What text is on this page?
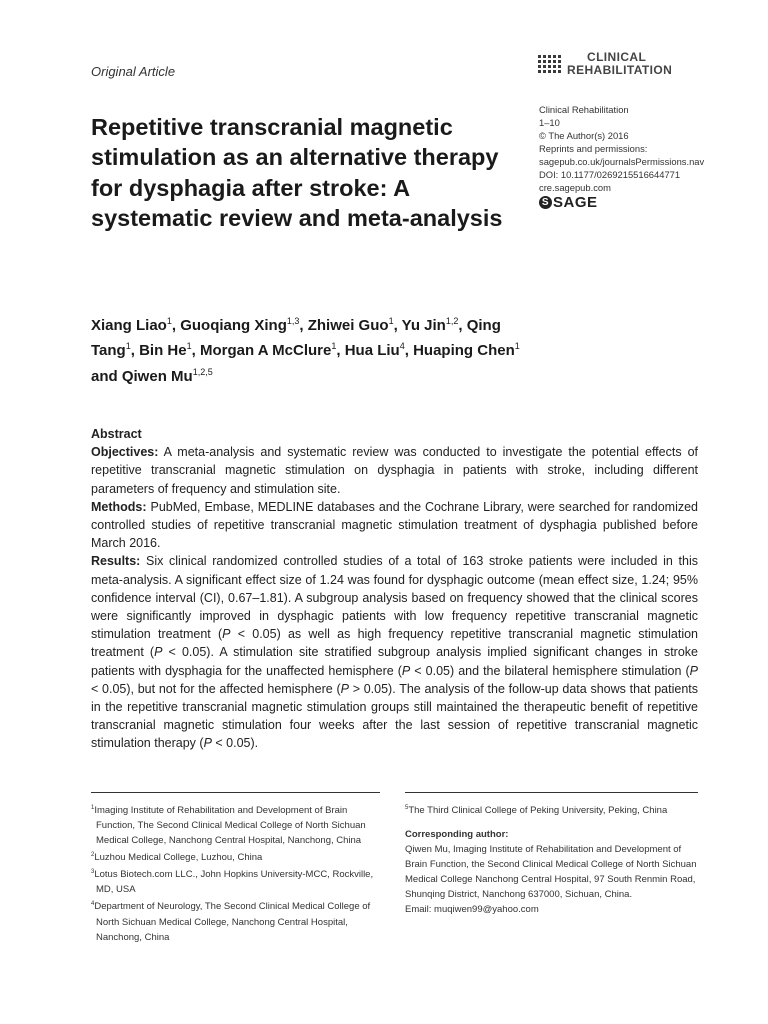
Original Article
CLINICAL
REHABILITATION
Clinical Rehabilitation
1–10
© The Author(s) 2016
Reprints and permissions:
sagepub.co.uk/journalsPermissions.nav
DOI: 10.1177/0269215516644771
cre.sagepub.com
S SAGE
Repetitive transcranial magnetic stimulation as an alternative therapy for dysphagia after stroke: A systematic review and meta-analysis
Xiang Liao$^1$, Guoqiang Xing$^{1,3}$, Zhiwei Guo$^1$, Yu Jin$^{1,2}$, Qing Tang$^1$, Bin He$^1$, Morgan A McClure$^1$, Hua Liu$^4$, Huaping Chen$^1$ and Qiwen Mu$^{1,2,5}$

Abstract

Objectives: A meta-analysis and systematic review was conducted to investigate the potential effects of repetitive transcranial magnetic stimulation on dysphagia in patients with stroke, including different parameters of frequency and stimulation site.

Methods: PubMed, Embase, MEDLINE databases and the Cochrane Library, were searched for randomized controlled studies of repetitive transcranial magnetic stimulation treatment of dysphagia published before March 2016.

Results: Six clinical randomized controlled studies of a total of 163 stroke patients were included in this meta-analysis. A significant effect size of 1.24 was found for dysphagic outcome (mean effect size, 1.24; 95% confidence interval (CI), 0.67–1.81). A subgroup analysis based on frequency showed that the clinical scores were significantly improved in dysphagic patients with low frequency repetitive transcranial magnetic stimulation treatment (P < 0.05) as well as high frequency repetitive transcranial magnetic stimulation treatment (P < 0.05). A stimulation site stratified subgroup analysis implied significant changes in stroke patients with dysphagia for the unaffected hemisphere (P < 0.05) and the bilateral hemisphere stimulation (P < 0.05), but not for the affected hemisphere (P > 0.05). The analysis of the follow-up data shows that patients in the repetitive transcranial magnetic stimulation groups still maintained the therapeutic benefit of repetitive transcranial magnetic stimulation four weeks after the last session of repetitive transcranial magnetic stimulation therapy (P < 0.05).

$^1$Imaging Institute of Rehabilitation and Development of Brain Function, The Second Clinical Medical College of North Sichuan Medical College, Nanchong Central Hospital, Nanchong, China
$^2$Luzhou Medical College, Luzhou, China
$^3$Lotus Biotech.com LLC., John Hopkins University-MCC, Rockville, MD, USA
$^4$Department of Neurology, The Second Clinical Medical College of North Sichuan Medical College, Nanchong Central Hospital, Nanchong, China
$^5$The Third Clinical College of Peking University, Peking, China
Corresponding author:
Qiwen Mu, Imaging Institute of Rehabilitation and Development of Brain Function, the Second Clinical Medical College of North Sichuan Medical College Nanchong Central Hospital, 97 South Renmin Road, Shunqing District, Nanchong 637000, Sichuan, China.
Email: muqiwen99@yahoo.com
